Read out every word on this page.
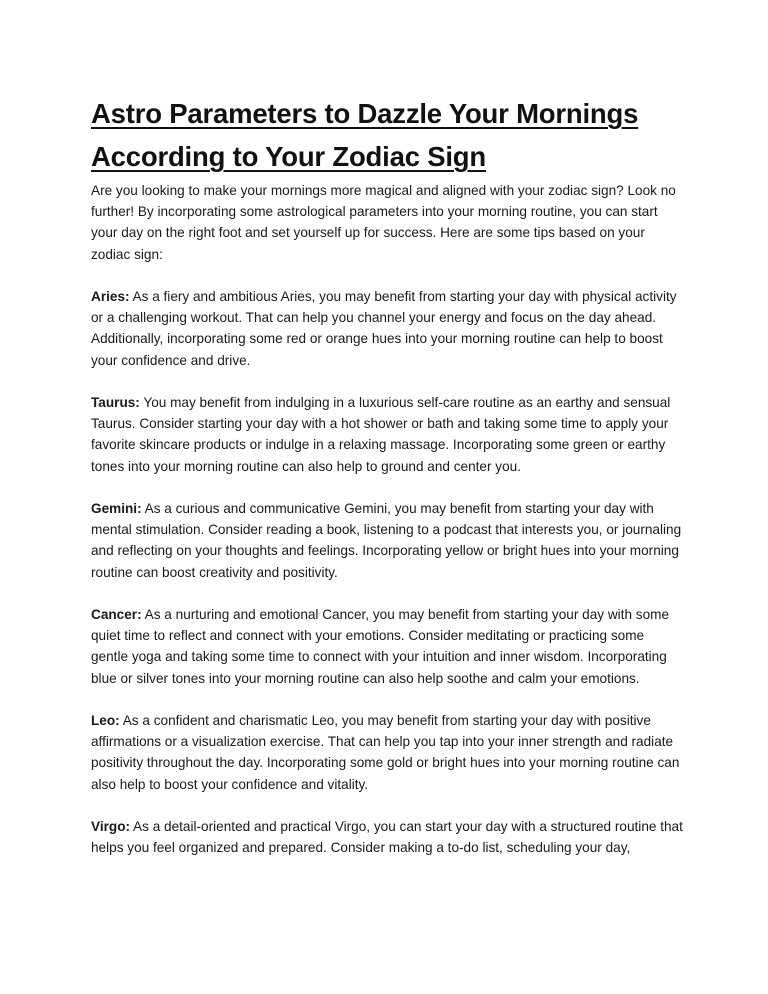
Astro Parameters to Dazzle Your Mornings According to Your Zodiac Sign

Are you looking to make your mornings more magical and aligned with your zodiac sign? Look no further! By incorporating some astrological parameters into your morning routine, you can start your day on the right foot and set yourself up for success. Here are some tips based on your zodiac sign:

Aries: As a fiery and ambitious Aries, you may benefit from starting your day with physical activity or a challenging workout. That can help you channel your energy and focus on the day ahead. Additionally, incorporating some red or orange hues into your morning routine can help to boost your confidence and drive.

Taurus: You may benefit from indulging in a luxurious self-care routine as an earthy and sensual Taurus. Consider starting your day with a hot shower or bath and taking some time to apply your favorite skincare products or indulge in a relaxing massage. Incorporating some green or earthy tones into your morning routine can also help to ground and center you.

Gemini: As a curious and communicative Gemini, you may benefit from starting your day with mental stimulation. Consider reading a book, listening to a podcast that interests you, or journaling and reflecting on your thoughts and feelings. Incorporating yellow or bright hues into your morning routine can boost creativity and positivity.

Cancer: As a nurturing and emotional Cancer, you may benefit from starting your day with some quiet time to reflect and connect with your emotions. Consider meditating or practicing some gentle yoga and taking some time to connect with your intuition and inner wisdom. Incorporating blue or silver tones into your morning routine can also help soothe and calm your emotions.

Leo: As a confident and charismatic Leo, you may benefit from starting your day with positive affirmations or a visualization exercise. That can help you tap into your inner strength and radiate positivity throughout the day. Incorporating some gold or bright hues into your morning routine can also help to boost your confidence and vitality.

Virgo: As a detail-oriented and practical Virgo, you can start your day with a structured routine that helps you feel organized and prepared. Consider making a to-do list, scheduling your day,
